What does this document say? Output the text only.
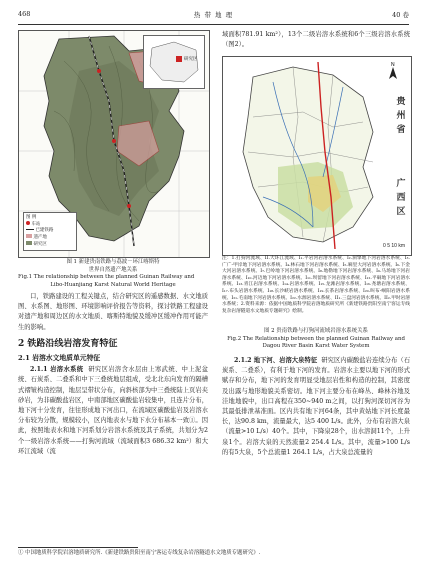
468	热 带 地 理	40 卷
研究区
图 例
车站
已建铁路
遗产地
研究区
图 1 新建贵南铁路与荔波－环江喀斯特
世界自然遗产地关系
Fig.1 The relationship between the planned Guinan Railway and
Libo-Huanjiang Karst Natural World Heritage

口，铁路建设的工程关键点，结合研究区的遥感数据、水文地质图、水系图、地形图、环境影响评价报告等资料，探讨铁路工程建设对遗产地和周边区的水文地质、喀斯特地貌及缓冲区缓冲作用可能产生的影响。

2 铁路沿线岩溶发育特征
2.1 岩溶水文地质单元特征

2.1.1 岩溶水系统 研究区岩溶含水层由上寒武统、中上泥盆统、石炭系、二叠系和中下三叠统地层组成，受北北东向发育的隔槽式褶皱构造控制，地层呈带状分布，向斜核部为中三叠统陆上页岩夹砂岩，为非碳酸盐岩区，中南部地区碳酸盐岩较集中，且连片分布，地下河十分发育，往往形成地下河出口，在流域区碳酸盐岩及岩溶水分布较为分散，规模较小，区内地表水与地下水分布基本一致①。因此，按照地表水和地下河系划分岩溶水系统及其子系统，共划分为2个一级岩溶水系统——打狗河流域（流域面积3 686.32 km²）和大环江流域（流

域面积781.91 km²），13个二级岩溶水系统和6个三级岩溶水系统（图2）。

N
贵
州
省
广
西
区
0 5 10 km
注：1.打狗河流域、II.大环江流域、I₁.平岩河岩溶水系统、I₂.洞擎地下河岩溶水系统、I₃.广广-甲岸地下河岩溶水系统、I₄.林石地下河岩溶水系统、I₅.嘀里大河岩溶水系统、I₆.下金大河岩溶水系统、I₇.巴岭地下河岩溶水系统、I₈.地勒地下河岩溶水系统、I₉.马场地下河岩溶水系统、I₁₀.河迈地下河岩溶水系统、I₁₁.坝留地下河岩溶水系统、I₁₂.平硐地下河岩溶水系统、I₁₃.青江岩溶水系统、I₁₄.岩溶水系统、I₁₅.龙滩岩溶水系统、I₁₆.尧塘岩溶水系统、I₁₇.布头岩溶水系统、I₁₈.长沙峡岩溶水系统、I₁₉.长茶岩溶水系统、I₂₀.叫布-峒阳岩溶水系统、I₂₁.毛南地下河岩溶水系统、I₂₂.水源岩溶水系统、II₁.三盘河岩溶水系统、II₂.甲时岩溶水系统；2.资料来源：依据中国地质科学院岩溶地质研究所《新建铁路贵阳至南宁客运专线复杂岩溶隧道水文地质专题研究》绘制。
图 2 贵南铁路与打狗河流域岩溶水系统关系
Fig.2 The Relationship between the planned Guinan Railway and
Dagou River Basin Karst Water System

2.1.2 地下河、岩溶大泉特征 研究区内碳酸盐岩连续分布（石炭系、二叠系），有利于地下河的发育。岩溶水主要以地下河的形式赋存和分布，地下河的发育明显受地层岩性和构造的控制，其密度及出露与地形地貌关系密切。地下河主要分布在峰丛、峰林谷地及洼地地貌中，出口高程在350~940 m之间，以打狗河深切河谷为其最低排泄基准面。区内共有地下河64条，其中黄姑地下河长度最长，达90.8 km，流量最大，达5 400 L/s。此外，分布有岩溶大泉（流量>10 L/s）40个。其中，下降泉28个，出水溶洞11个，上升泉1个。岩溶大泉的天然流量2 254.4 L/s。其中，流量>100 L/s的有5大泉，5个总流量1 264.1 L/s，占大泉总流量的

① 中国地质科学院岩溶地质研究所.《新建铁路贵阳至南宁客运专线复杂岩溶隧道水文地质专题研究》.
